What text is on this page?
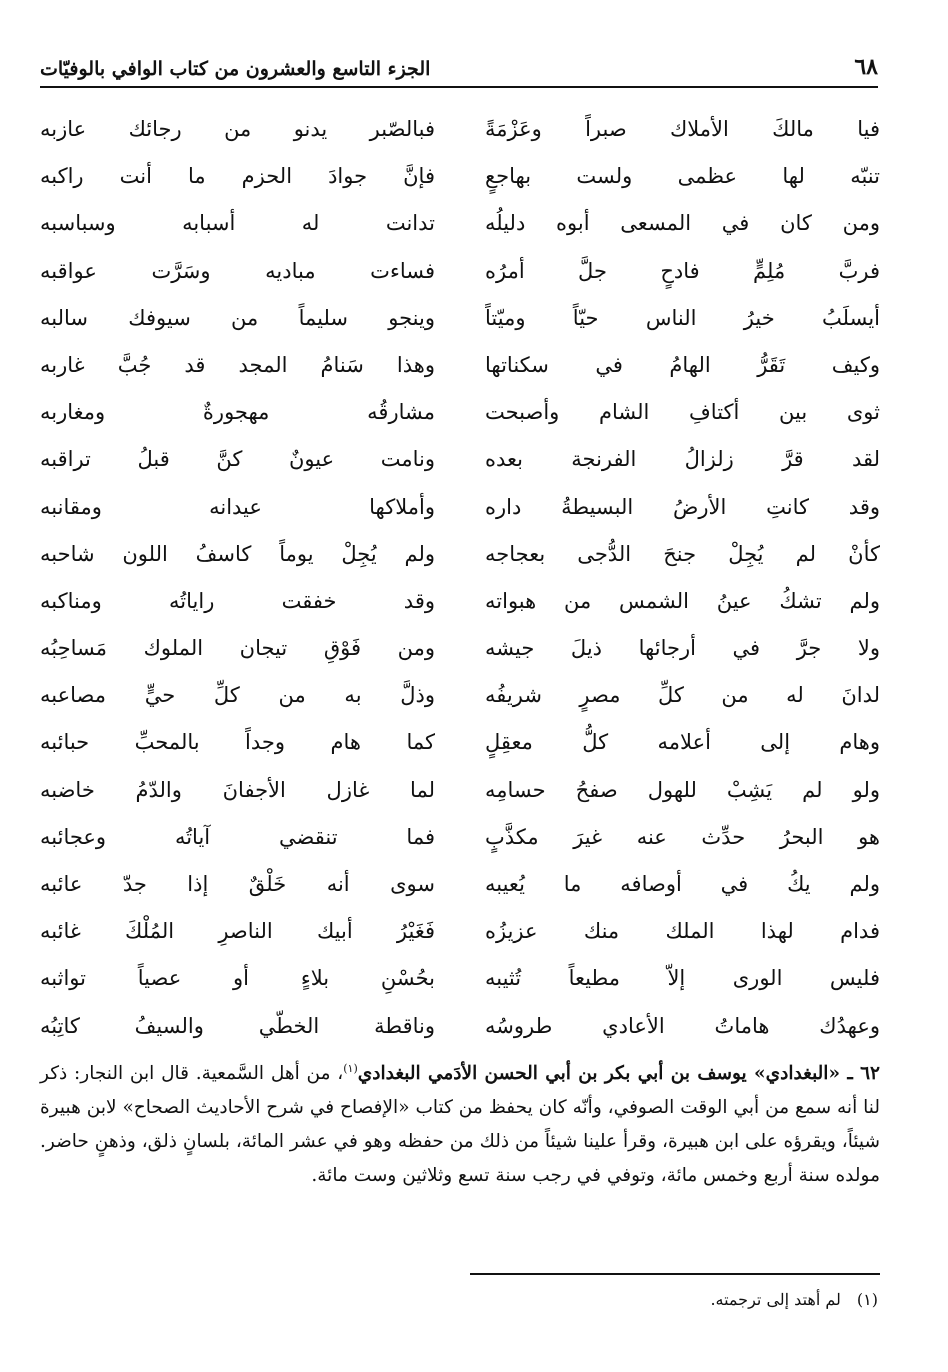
٦٨
الجزء التاسع والعشرون من كتاب الوافي بالوفيّات
فيا مالكَ الأملاك صبراً وعَزْمَةً
تنبّه لها عظمى ولست بهاجعٍ
ومن كان في المسعى أبوه دليلُه
فربَّ مُلِمٍّ فادحٍ جلَّ أمرُه
أيسلَبُ خيرُ الناس حيّاً وميّتاً
وكيف تَقَرُّ الهامُ في سكناتها
ثوى بين أكتافِ الشام وأصبحت
لقد قرَّ زلزالُ الفرنجة بعده
وقد كانتِ الأرضُ البسيطةُ داره
كأنْ لم يُجِلْ جنحَ الدُّجى بعجاجه
ولم تشكُ عينُ الشمس من هبواته
ولا جرَّ في أرجائها ذيلَ جيشه
لدانَ له من كلِّ مصرٍ شريفُه
وهام إلى أعلامه كلُّ معقِلٍ
ولو لم يَشِبْ للهول صفحُ حسامِه
هو البحرُ حدِّث عنه غيرَ مكذَّبٍ
ولم يكُ في أوصافه ما يُعيبه
فدام لهذا الملك منك عزيزُه
فليس الورى إلاّ مطيعاً تُثيبه
وعهدُك هاماتُ الأعادي طروسُه
فبالصّبر يدنو من رجائك عازبه
فإنَّ جوادَ الحزم ما أنت راكبه
تدانت له أسبابه وسباسبه
فساءت مباديه وسَرَّت عواقبه
وينجو سليماً من سيوفك سالبه
وهذا سَنامُ المجد قد جُبَّ غاربه
مشارقُه مهجورةٌ ومغاربه
ونامت عيونٌ كنَّ قبلُ تراقبه
وأملاكها عيدانه ومقانبه
ولم يُجِلْ يوماً كاسفُ اللون شاحبه
وقد خفقت راياتُه ومناكبه
ومن فَوْقِ تيجان الملوك مَساحِبُه
وذلَّ به من كلِّ حيٍّ مصاعبه
كما هام وجداً بالمحبِّ حبائبه
لما غازل الأجفانَ والدّمُ خاضبه
فما تنقضي آياتُه وعجائبه
سوى أنه خَلْقٌ إذا جدّ عائبه
فَغَيْرُ أبيك الناصرِ المُلْكَ غائبه
بحُسْنِ بلاءٍ أو عصياً تواثبه
وناقطة الخطّي والسيفُ كاتِبُه
٦٢ ـ «البغدادي» يوسف بن أبي بكر بن أبي الحسن الأدَمي البغدادي$^{(١)}$، من أهل السَّمعية. قال ابن النجار: ذكر لنا أنه سمع من أبي الوقت الصوفي، وأنّه كان يحفظ من كتاب «الإفصاح في شرح الأحاديث الصحاح» لابن هبيرة شيئاً، ويقرؤه على ابن هبيرة، وقرأ علينا شيئاً من ذلك من حفظه وهو في عشر المائة، بلسانٍ ذلق، وذهنٍ حاضر. مولده سنة أربع وخمس مائة، وتوفي في رجب سنة تسع وثلاثين وست مائة.
(١)لم أهتد إلى ترجمته.
